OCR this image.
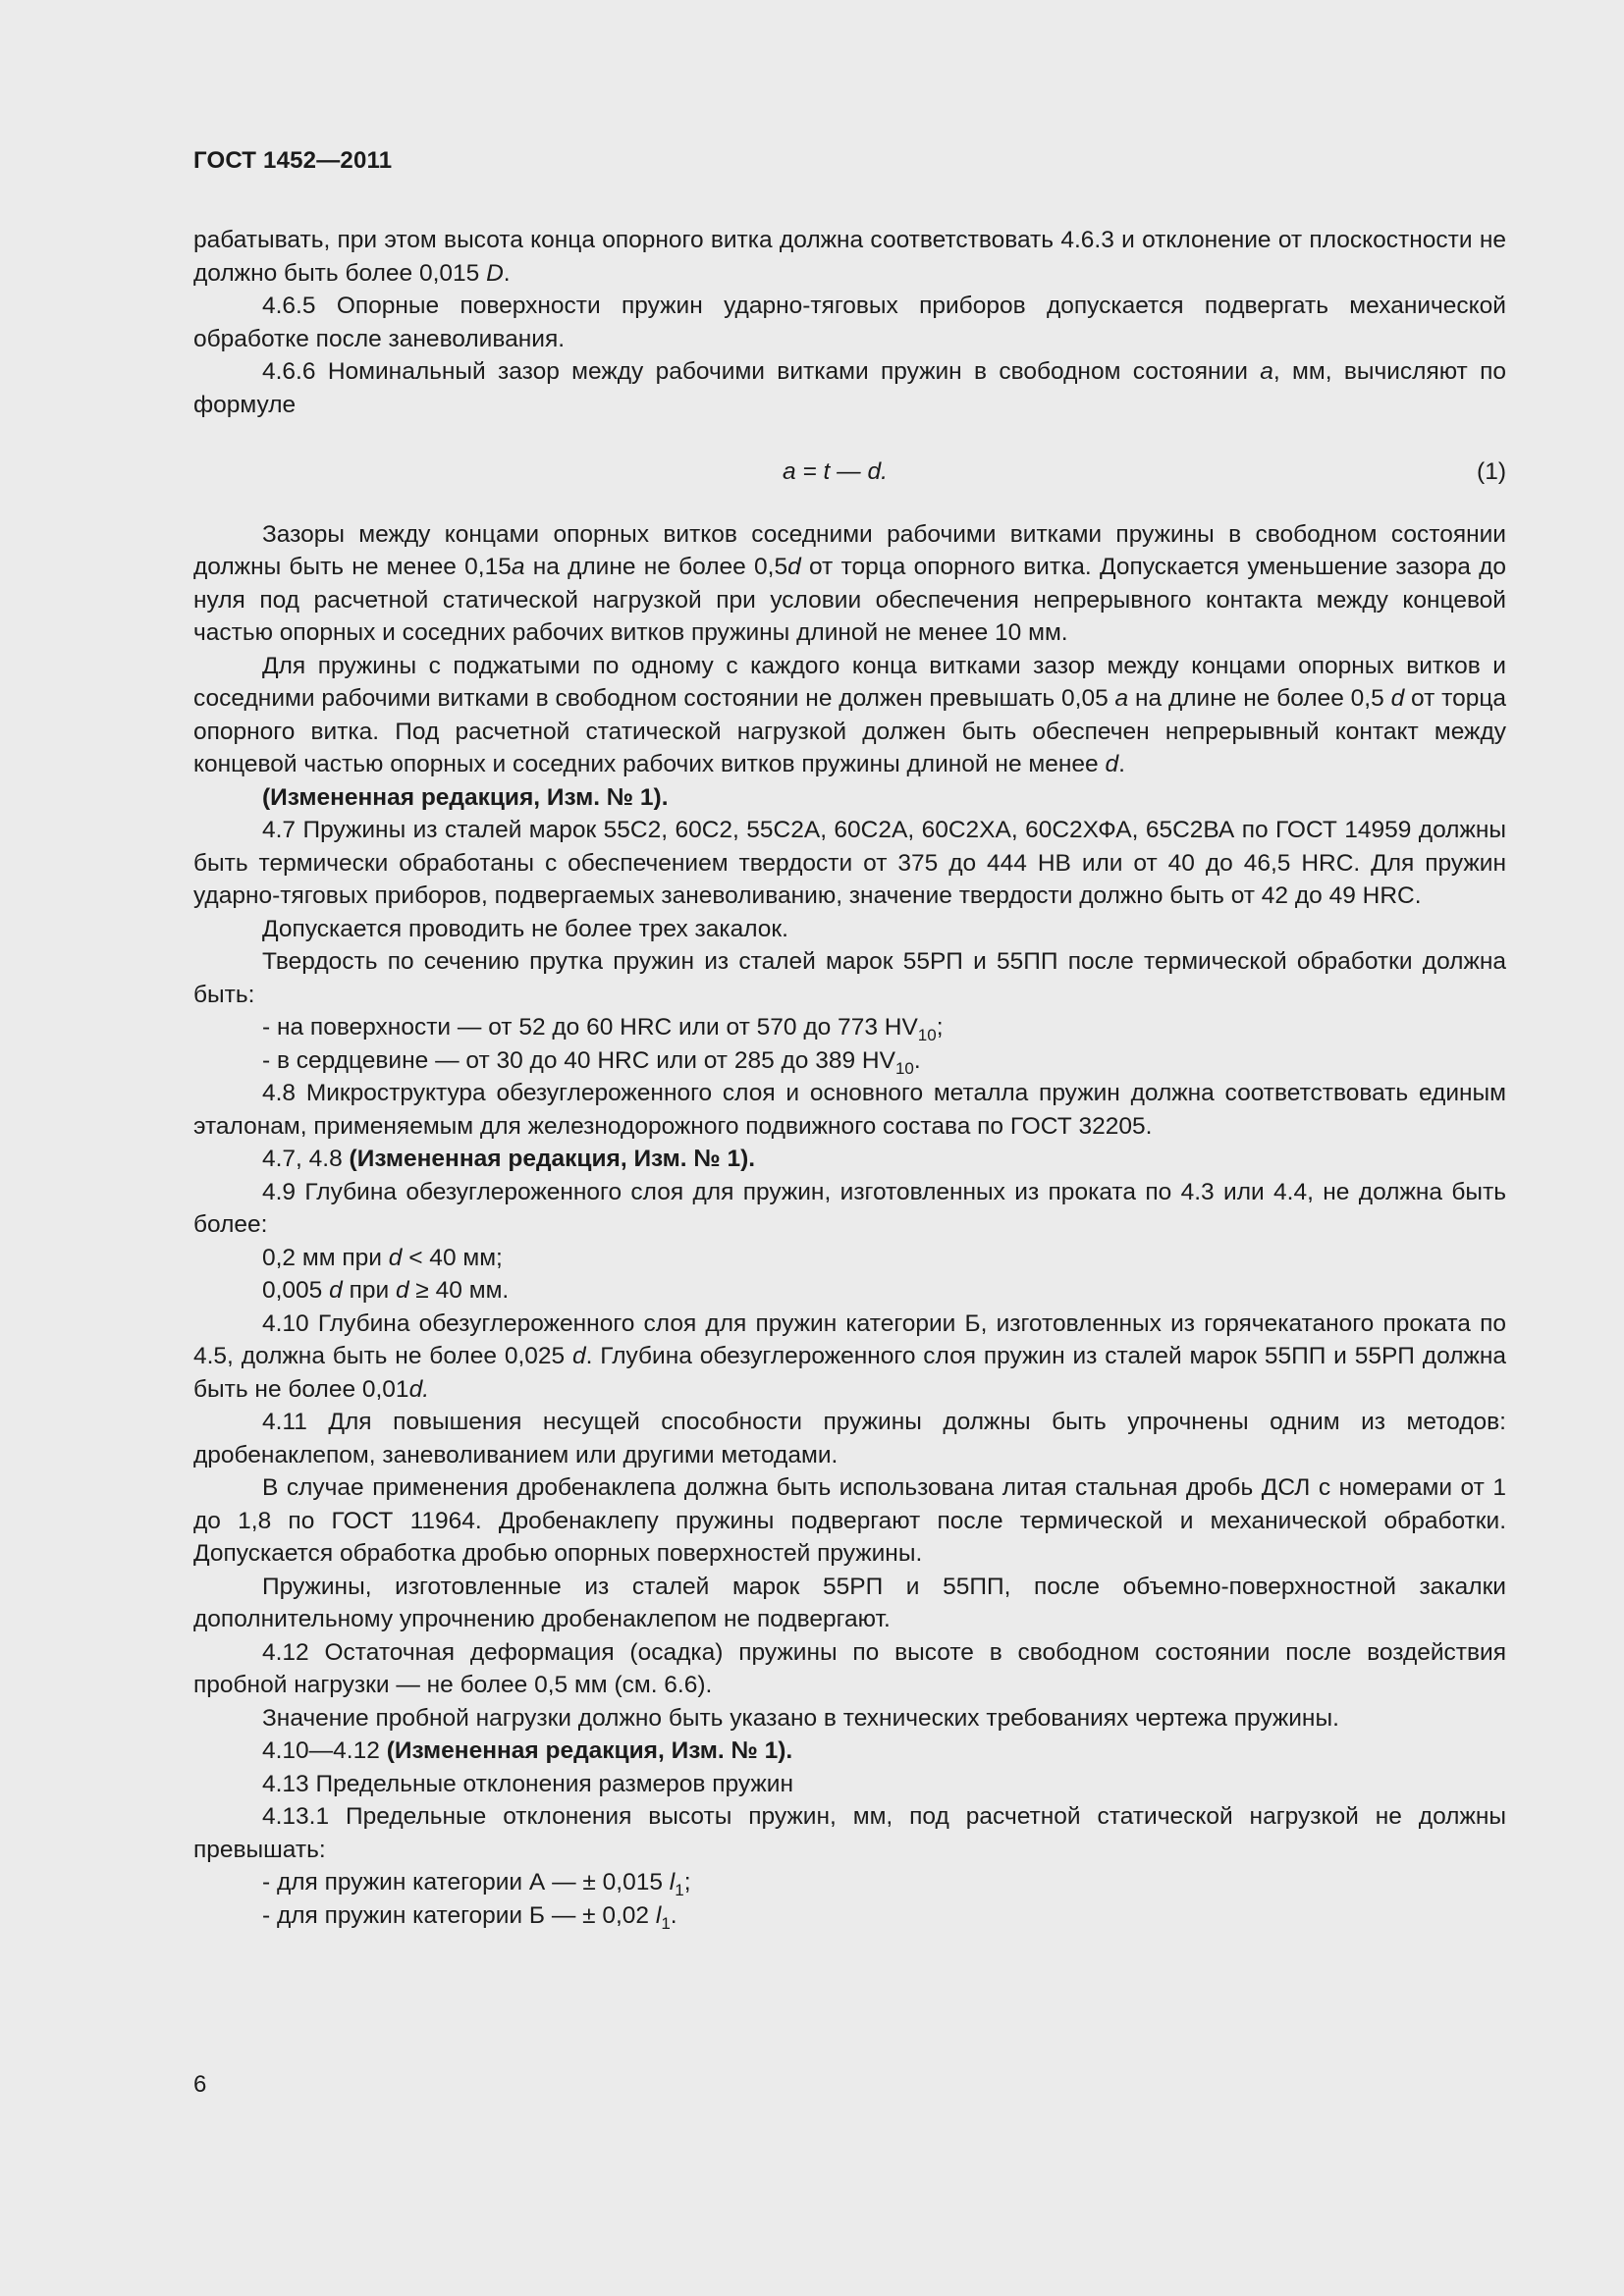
ГОСТ 1452—2011

рабатывать, при этом высота конца опорного витка должна соответствовать 4.6.3 и отклонение от плоскостности не должно быть более 0,015 D.

4.6.5 Опорные поверхности пружин ударно-тяговых приборов допускается подвергать механической обработке после заневоливания.

4.6.6 Номинальный зазор между рабочими витками пружин в свободном состоянии a, мм, вычисляют по формуле

a = t — d.	(1)

Зазоры между концами опорных витков соседними рабочими витками пружины в свободном состоянии должны быть не менее 0,15a на длине не более 0,5d от торца опорного витка. Допускается уменьшение зазора до нуля под расчетной статической нагрузкой при условии обеспечения непрерывного контакта между концевой частью опорных и соседних рабочих витков пружины длиной не менее 10 мм.

Для пружины с поджатыми по одному с каждого конца витками зазор между концами опорных витков и соседними рабочими витками в свободном состоянии не должен превышать 0,05 a на длине не более 0,5 d от торца опорного витка. Под расчетной статической нагрузкой должен быть обеспечен непрерывный контакт между концевой частью опорных и соседних рабочих витков пружины длиной не менее d.

(Измененная редакция, Изм. № 1).

4.7 Пружины из сталей марок 55С2, 60С2, 55С2А, 60С2А, 60С2ХА, 60С2ХФА, 65С2ВА по ГОСТ 14959 должны быть термически обработаны с обеспечением твердости от 375 до 444 НВ или от 40 до 46,5 HRC. Для пружин ударно-тяговых приборов, подвергаемых заневоливанию, значение твердости должно быть от 42 до 49 HRC.

Допускается проводить не более трех закалок.

Твердость по сечению прутка пружин из сталей марок 55РП и 55ПП после термической обработки должна быть:

- на поверхности — от 52 до 60 HRC или от 570 до 773 $HV_{10}$;

- в сердцевине — от 30 до 40 HRC или от 285 до 389 $HV_{10}$.

4.8 Микроструктура обезуглероженного слоя и основного металла пружин должна соответствовать единым эталонам, применяемым для железнодорожного подвижного состава по ГОСТ 32205.

4.7, 4.8 (Измененная редакция, Изм. № 1).

4.9 Глубина обезуглероженного слоя для пружин, изготовленных из проката по 4.3 или 4.4, не должна быть более:

0,2 мм при d < 40 мм;

0,005 d при d ≥ 40 мм.

4.10 Глубина обезуглероженного слоя для пружин категории Б, изготовленных из горячекатаного проката по 4.5, должна быть не более 0,025 d. Глубина обезуглероженного слоя пружин из сталей марок 55ПП и 55РП должна быть не более 0,01d.

4.11 Для повышения несущей способности пружины должны быть упрочнены одним из методов: дробенаклепом, заневоливанием или другими методами.

В случае применения дробенаклепа должна быть использована литая стальная дробь ДСЛ с номерами от 1 до 1,8 по ГОСТ 11964. Дробенаклепу пружины подвергают после термической и механической обработки. Допускается обработка дробью опорных поверхностей пружины.

Пружины, изготовленные из сталей марок 55РП и 55ПП, после объемно-поверхностной закалки дополнительному упрочнению дробенаклепом не подвергают.

4.12 Остаточная деформация (осадка) пружины по высоте в свободном состоянии после воздействия пробной нагрузки — не более 0,5 мм (см. 6.6).

Значение пробной нагрузки должно быть указано в технических требованиях чертежа пружины.

4.10—4.12 (Измененная редакция, Изм. № 1).

4.13 Предельные отклонения размеров пружин

4.13.1 Предельные отклонения высоты пружин, мм, под расчетной статической нагрузкой не должны превышать:

- для пружин категории А — ± 0,015 $l_1$;

- для пружин категории Б — ± 0,02 $l_1$.

6
